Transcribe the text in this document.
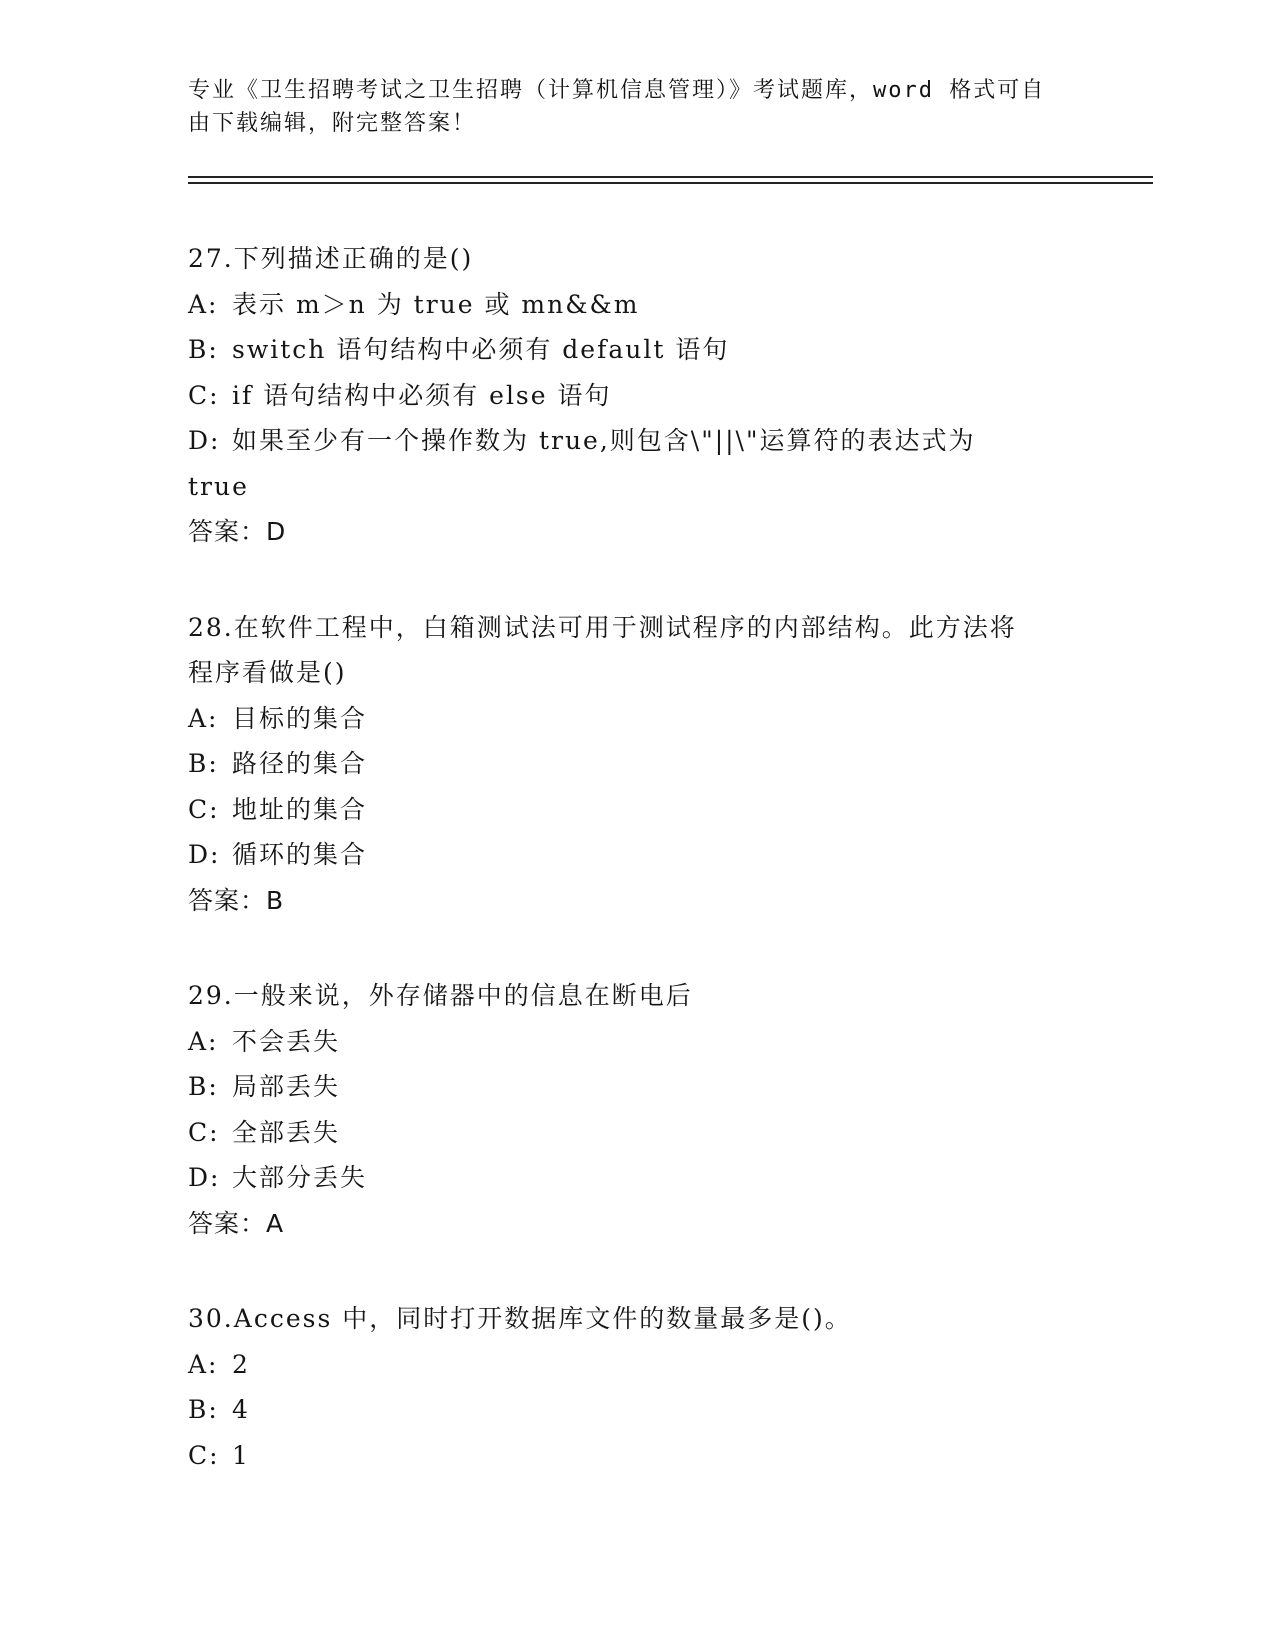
专业《卫生招聘考试之卫生招聘（计算机信息管理）》考试题库，word 格式可自
由下载编辑，附完整答案！
27.下列描述正确的是()
A: 表示 m＞n 为 true 或 mn&&m
B: switch 语句结构中必须有 default 语句
C: if 语句结构中必须有 else 语句
D: 如果至少有一个操作数为 true,则包含\"||\"运算符的表达式为
true
答案：D
28.在软件工程中，白箱测试法可用于测试程序的内部结构。此方法将
程序看做是()
A: 目标的集合
B: 路径的集合
C: 地址的集合
D: 循环的集合
答案：B
29.一般来说，外存储器中的信息在断电后
A: 不会丢失
B: 局部丢失
C: 全部丢失
D: 大部分丢失
答案：A
30.Access 中，同时打开数据库文件的数量最多是()。
A: 2
B: 4
C: 1
